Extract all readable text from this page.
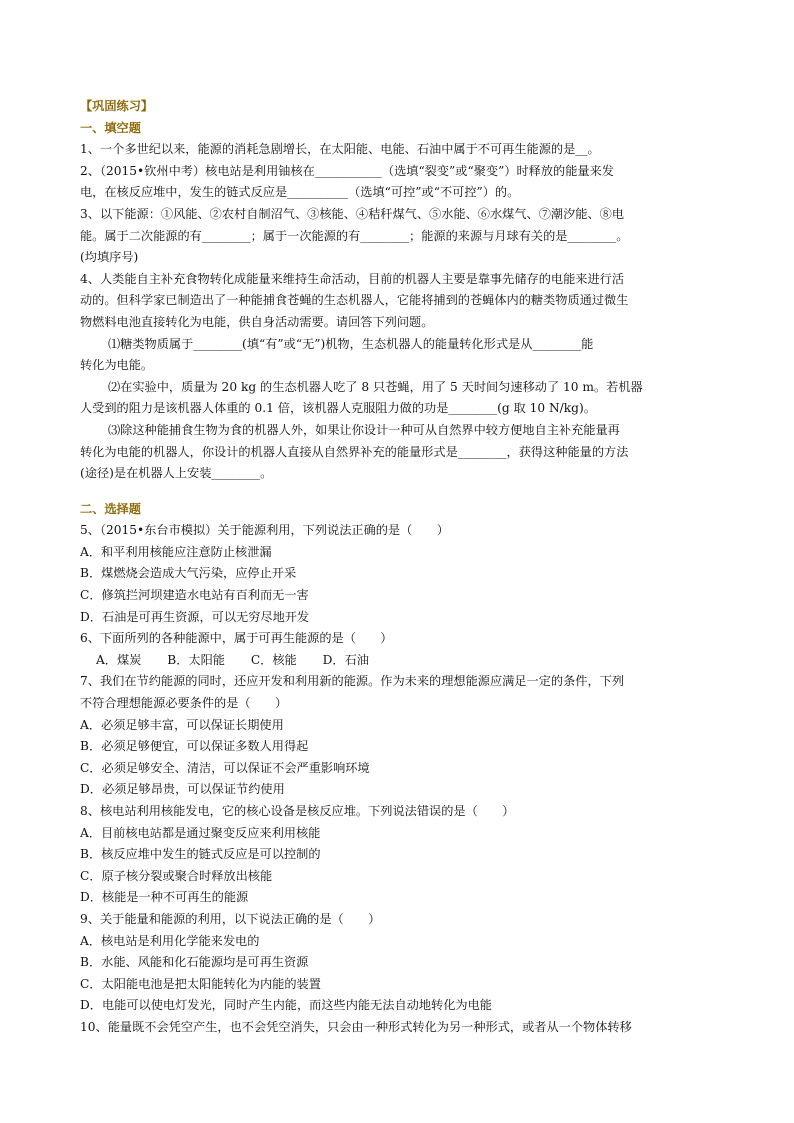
【巩固练习】
一、填空题
1、一个多世纪以来，能源的消耗急剧增长，在太阳能、电能、石油中属于不可再生能源的是__。
2、（2015•钦州中考）核电站是利用铀核在___________（选填“裂变”或“聚变”）时释放的能量来发
电，在核反应堆中，发生的链式反应是__________（选填“可控”或“不可控”）的。
3、以下能源：①风能、②农村自制沼气、③核能、④秸秆煤气、⑤水能、⑥水煤气、⑦潮汐能、⑧电
能。属于二次能源的有________；属于一次能源的有________；能源的来源与月球有关的是________。
(均填序号)
4、人类能自主补充食物转化成能量来维持生命活动，目前的机器人主要是靠事先储存的电能来进行活
动的。但科学家已制造出了一种能捕食苍蝇的生态机器人，它能将捕到的苍蝇体内的糖类物质通过微生
物燃料电池直接转化为电能，供自身活动需要。请回答下列问题。
⑴糖类物质属于________(填“有”或“无”)机物，生态机器人的能量转化形式是从________能
转化为电能。
⑵在实验中，质量为 20 kg 的生态机器人吃了 8 只苍蝇，用了 5 天时间匀速移动了 10 m。若机器
人受到的阻力是该机器人体重的 0.1 倍，该机器人克服阻力做的功是________(g 取 10 N/kg)。
⑶除这种能捕食生物为食的机器人外，如果让你设计一种可从自然界中较方便地自主补充能量再
转化为电能的机器人，你设计的机器人直接从自然界补充的能量形式是________，获得这种能量的方法
(途径)是在机器人上安装________。
二、选择题
5、（2015•东台市模拟）关于能源利用，下列说法正确的是（　　）
A．和平利用核能应注意防止核泄漏
B．煤燃烧会造成大气污染，应停止开采
C．修筑拦河坝建造水电站有百利而无一害
D．石油是可再生资源，可以无穷尽地开发
6、下面所列的各种能源中，属于可再生能源的是（　　）
A．煤炭 B．太阳能 C．核能 D．石油
7、我们在节约能源的同时，还应开发和利用新的能源。作为未来的理想能源应满足一定的条件，下列
不符合理想能源必要条件的是（　　）
A．必须足够丰富，可以保证长期使用
B．必须足够便宜，可以保证多数人用得起
C．必须足够安全、清洁，可以保证不会严重影响环境
D．必须足够昂贵，可以保证节约使用
8、核电站利用核能发电，它的核心设备是核反应堆。下列说法错误的是（　　）
A．目前核电站都是通过聚变反应来利用核能
B．核反应堆中发生的链式反应是可以控制的
C．原子核分裂或聚合时释放出核能
D．核能是一种不可再生的能源
9、关于能量和能源的利用，以下说法正确的是（　　）
A．核电站是利用化学能来发电的
B．水能、风能和化石能源均是可再生资源
C．太阳能电池是把太阳能转化为内能的装置
D．电能可以使电灯发光，同时产生内能，而这些内能无法自动地转化为电能
10、能量既不会凭空产生，也不会凭空消失，只会由一种形式转化为另一种形式，或者从一个物体转移
